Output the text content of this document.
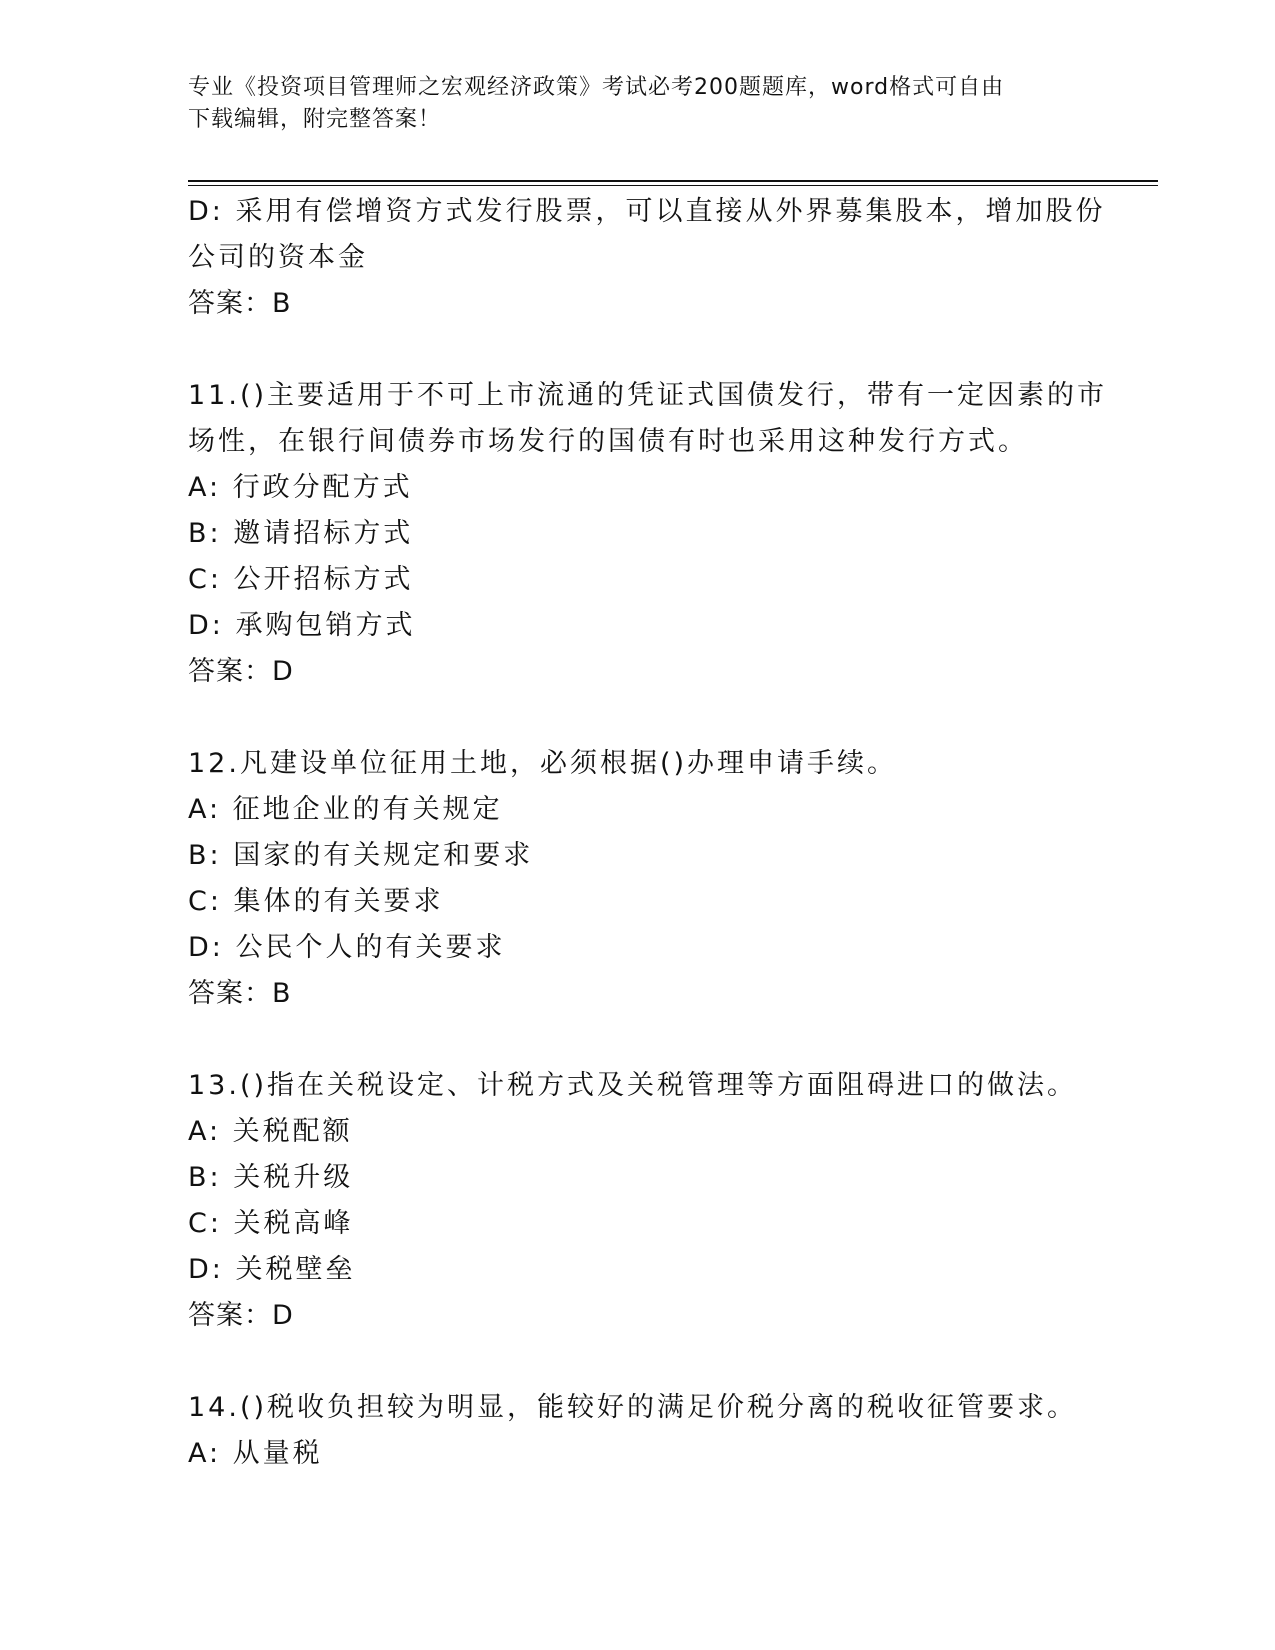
专业《投资项目管理师之宏观经济政策》考试必考200题题库，word格式可自由
下载编辑，附完整答案！
D: 采用有偿增资方式发行股票，可以直接从外界募集股本，增加股份
公司的资本金
答案：B
11.()主要适用于不可上市流通的凭证式国债发行，带有一定因素的市
场性，在银行间债券市场发行的国债有时也采用这种发行方式。
A: 行政分配方式
B: 邀请招标方式
C: 公开招标方式
D: 承购包销方式
答案：D
12.凡建设单位征用土地，必须根据()办理申请手续。
A: 征地企业的有关规定
B: 国家的有关规定和要求
C: 集体的有关要求
D: 公民个人的有关要求
答案：B
13.()指在关税设定、计税方式及关税管理等方面阻碍进口的做法。
A: 关税配额
B: 关税升级
C: 关税高峰
D: 关税壁垒
答案：D
14.()税收负担较为明显，能较好的满足价税分离的税收征管要求。
A: 从量税
